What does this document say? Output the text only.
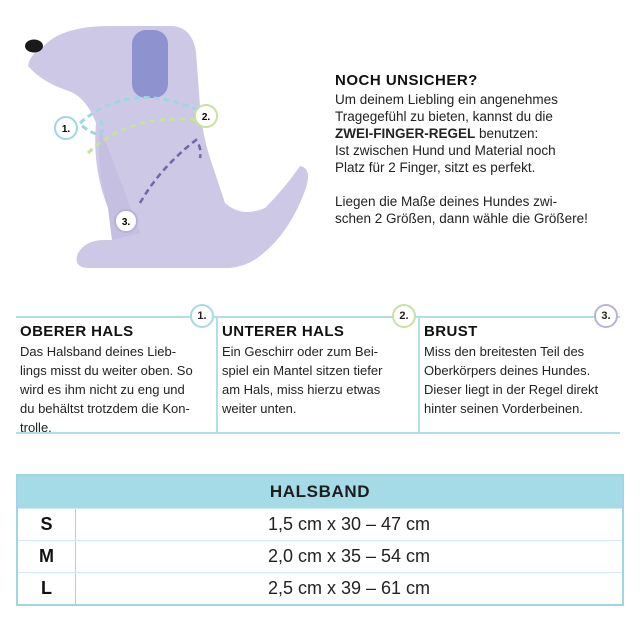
1.
2.
3.
NOCH UNSICHER?

Um deinem Liebling ein angenehmes
Tragegefühl zu bieten, kannst du die
ZWEI-FINGER-REGEL benutzen:
Ist zwischen Hund und Material noch
Platz für 2 Finger, sitzt es perfekt.

Liegen die Maße deines Hundes zwi-
schen 2 Größen, dann wähle die Größere!

1.
OBERER HALS
Das Halsband deines Lieb-
lings misst du weiter oben. So
wird es ihm nicht zu eng und
du behältst trotzdem die Kon-
trolle.
2.
UNTERER HALS
Ein Geschirr oder zum Bei-
spiel ein Mantel sitzen tiefer
am Hals, miss hierzu etwas
weiter unten.
3.
BRUST
Miss den breitesten Teil des
Oberkörpers deines Hundes.
Dieser liegt in der Regel direkt
hinter seinen Vorderbeinen.
HALSBAND
S	1,5 cm x 30 – 47 cm
M	2,0 cm x 35 – 54 cm
L	2,5 cm x 39 – 61 cm
